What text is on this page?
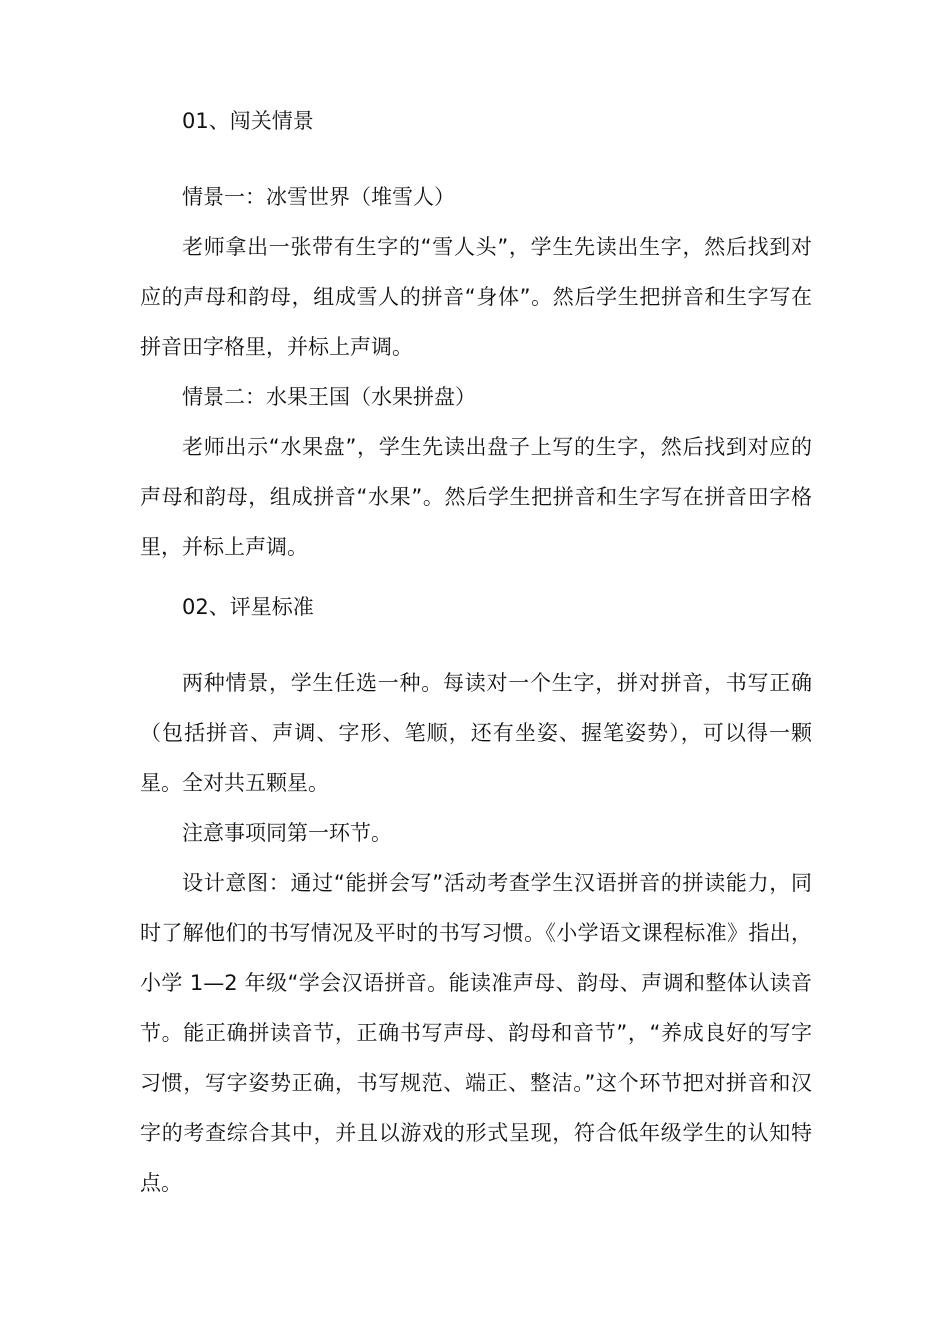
01、闯关情景

情景一：冰雪世界（堆雪人）

老师拿出一张带有生字的“雪人头”，学生先读出生字，然后找到对应的声母和韵母，组成雪人的拼音“身体”。然后学生把拼音和生字写在拼音田字格里，并标上声调。

情景二：水果王国（水果拼盘）

老师出示“水果盘”，学生先读出盘子上写的生字，然后找到对应的声母和韵母，组成拼音“水果”。然后学生把拼音和生字写在拼音田字格里，并标上声调。

02、评星标准

两种情景，学生任选一种。每读对一个生字，拼对拼音，书写正确（包括拼音、声调、字形、笔顺，还有坐姿、握笔姿势），可以得一颗星。全对共五颗星。

注意事项同第一环节。

设计意图：通过“能拼会写”活动考查学生汉语拼音的拼读能力，同时了解他们的书写情况及平时的书写习惯。《小学语文课程标准》指出，小学 1—2 年级“学会汉语拼音。能读准声母、韵母、声调和整体认读音节。能正确拼读音节，正确书写声母、韵母和音节”，“养成良好的写字习惯，写字姿势正确，书写规范、端正、整洁。”这个环节把对拼音和汉字的考查综合其中，并且以游戏的形式呈现，符合低年级学生的认知特点。
